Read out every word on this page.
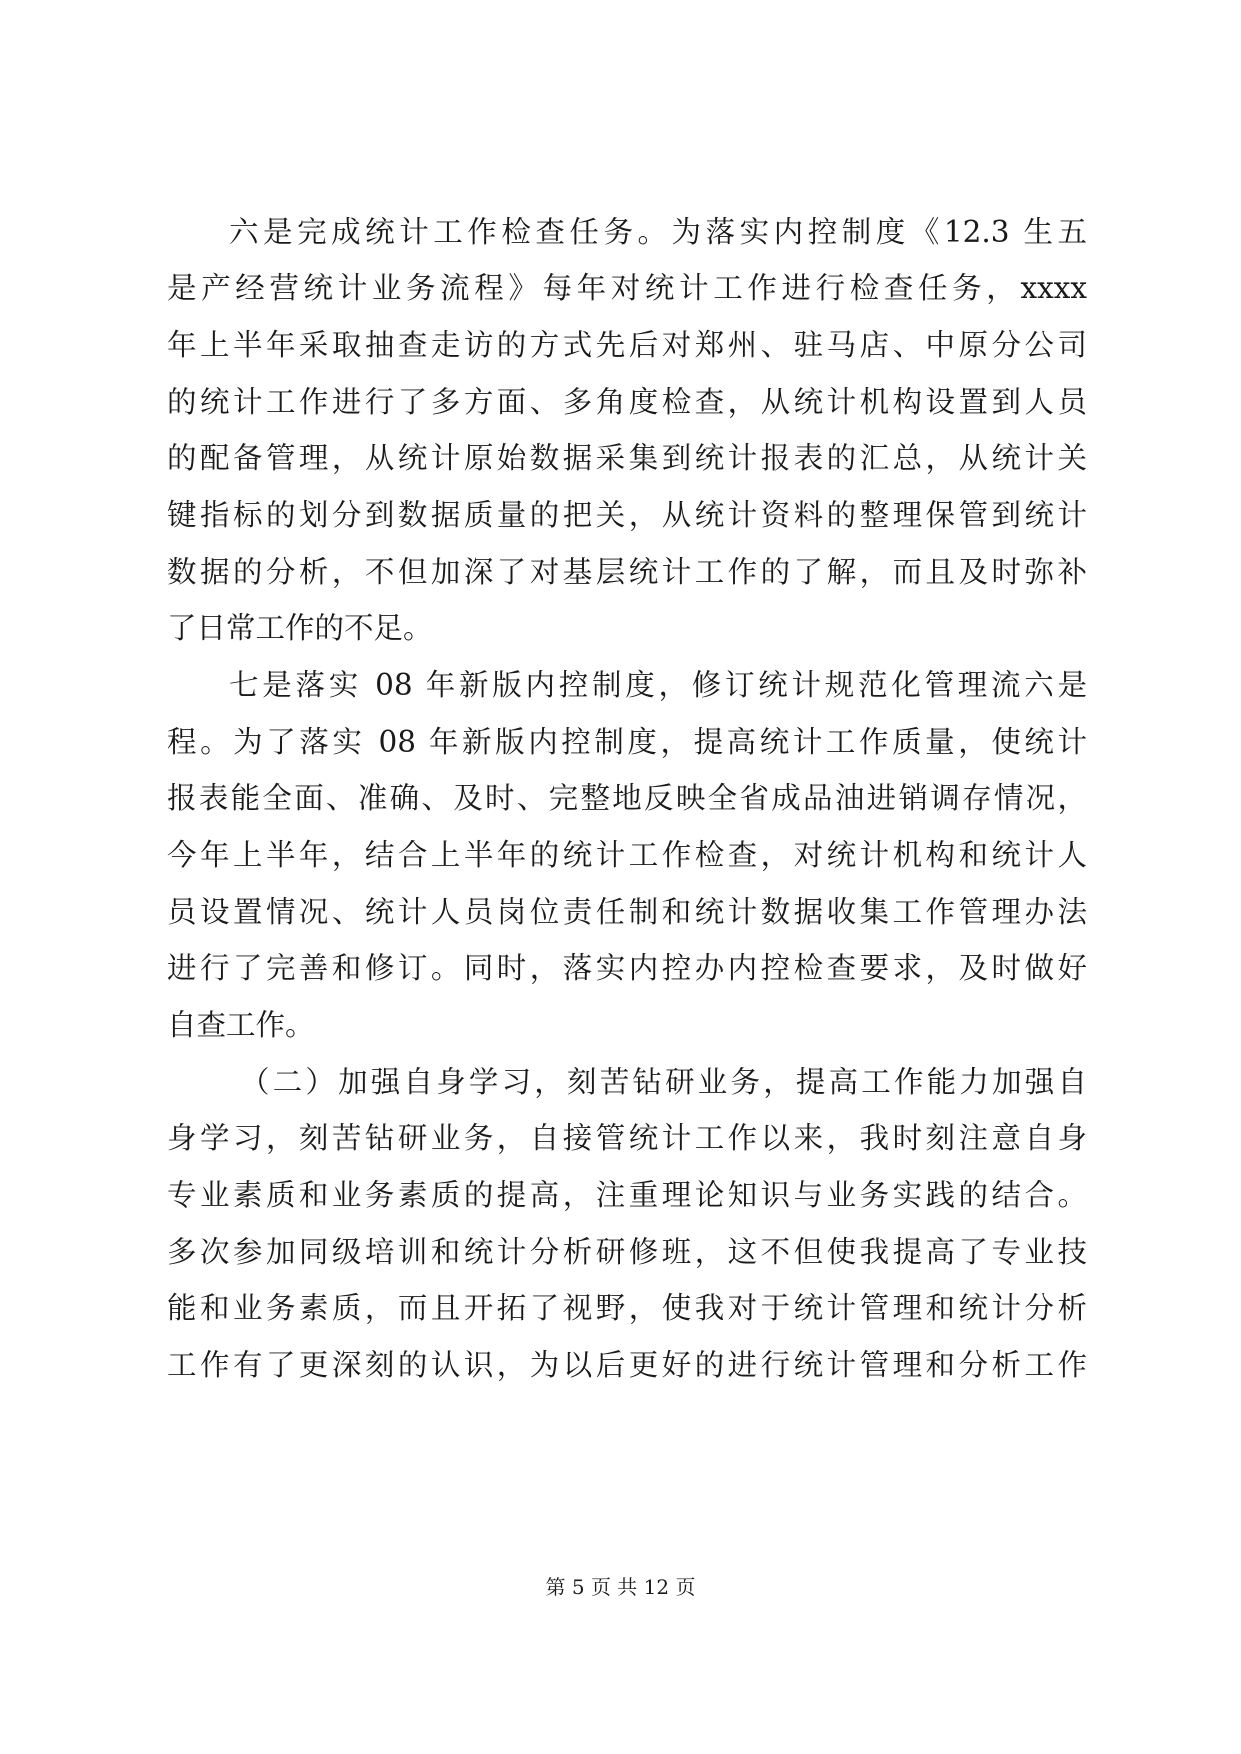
六是完成统计工作检查任务。为落实内控制度《12.3 生五
是产经营统计业务流程》每年对统计工作进行检查任务，xxxx
年上半年采取抽查走访的方式先后对郑州、驻马店、中原分公司
的统计工作进行了多方面、多角度检查，从统计机构设置到人员
的配备管理，从统计原始数据采集到统计报表的汇总，从统计关
键指标的划分到数据质量的把关，从统计资料的整理保管到统计
数据的分析，不但加深了对基层统计工作的了解，而且及时弥补
了日常工作的不足。
七是落实 08 年新版内控制度，修订统计规范化管理流六是
程。为了落实 08 年新版内控制度，提高统计工作质量，使统计
报表能全面、准确、及时、完整地反映全省成品油进销调存情况，
今年上半年，结合上半年的统计工作检查，对统计机构和统计人
员设置情况、统计人员岗位责任制和统计数据收集工作管理办法
进行了完善和修订。同时，落实内控办内控检查要求，及时做好
自查工作。
（二）加强自身学习，刻苦钻研业务，提高工作能力加强自
身学习，刻苦钻研业务，自接管统计工作以来，我时刻注意自身
专业素质和业务素质的提高，注重理论知识与业务实践的结合。
多次参加同级培训和统计分析研修班，这不但使我提高了专业技
能和业务素质，而且开拓了视野，使我对于统计管理和统计分析
工作有了更深刻的认识，为以后更好的进行统计管理和分析工作
第 5 页 共 12 页
